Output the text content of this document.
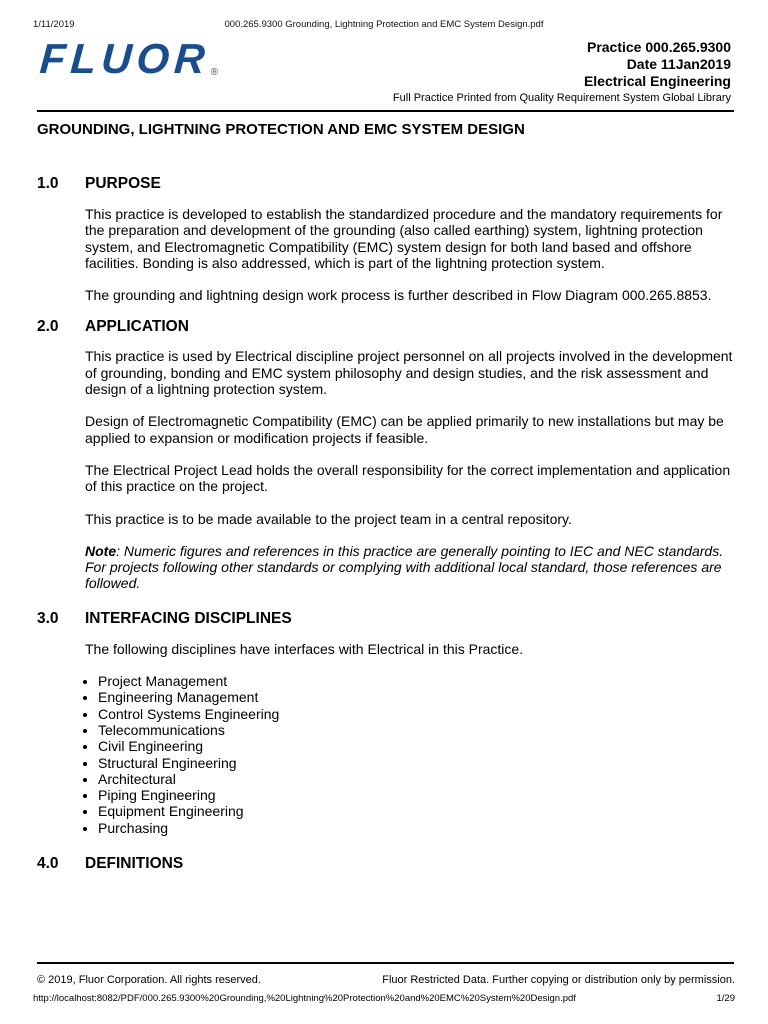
1/11/2019	000.265.9300 Grounding, Lightning Protection and EMC System Design.pdf
FLUOR ®
Practice 000.265.9300
Date 11Jan2019
Electrical Engineering
Full Practice Printed from Quality Requirement System Global Library
GROUNDING, LIGHTNING PROTECTION AND EMC SYSTEM DESIGN
1.0	PURPOSE
This practice is developed to establish the standardized procedure and the mandatory requirements for the preparation and development of the grounding (also called earthing) system, lightning protection system, and Electromagnetic Compatibility (EMC) system design for both land based and offshore facilities. Bonding is also addressed, which is part of the lightning protection system.
The grounding and lightning design work process is further described in Flow Diagram 000.265.8853.
2.0	APPLICATION
This practice is used by Electrical discipline project personnel on all projects involved in the development of grounding, bonding and EMC system philosophy and design studies, and the risk assessment and design of a lightning protection system.
Design of Electromagnetic Compatibility (EMC) can be applied primarily to new installations but may be applied to expansion or modification projects if feasible.
The Electrical Project Lead holds the overall responsibility for the correct implementation and application of this practice on the project.
This practice is to be made available to the project team in a central repository.
Note: Numeric figures and references in this practice are generally pointing to IEC and NEC standards. For projects following other standards or complying with additional local standard, those references are followed.
3.0	INTERFACING DISCIPLINES
The following disciplines have interfaces with Electrical in this Practice.
• Project Management
• Engineering Management
• Control Systems Engineering
• Telecommunications
• Civil Engineering
• Structural Engineering
• Architectural
• Piping Engineering
• Equipment Engineering
• Purchasing
4.0	DEFINITIONS
© 2019, Fluor Corporation. All rights reserved.	Fluor Restricted Data. Further copying or distribution only by permission.
http://localhost:8082/PDF/000.265.9300%20Grounding,%20Lightning%20Protection%20and%20EMC%20System%20Design.pdf	1/29
